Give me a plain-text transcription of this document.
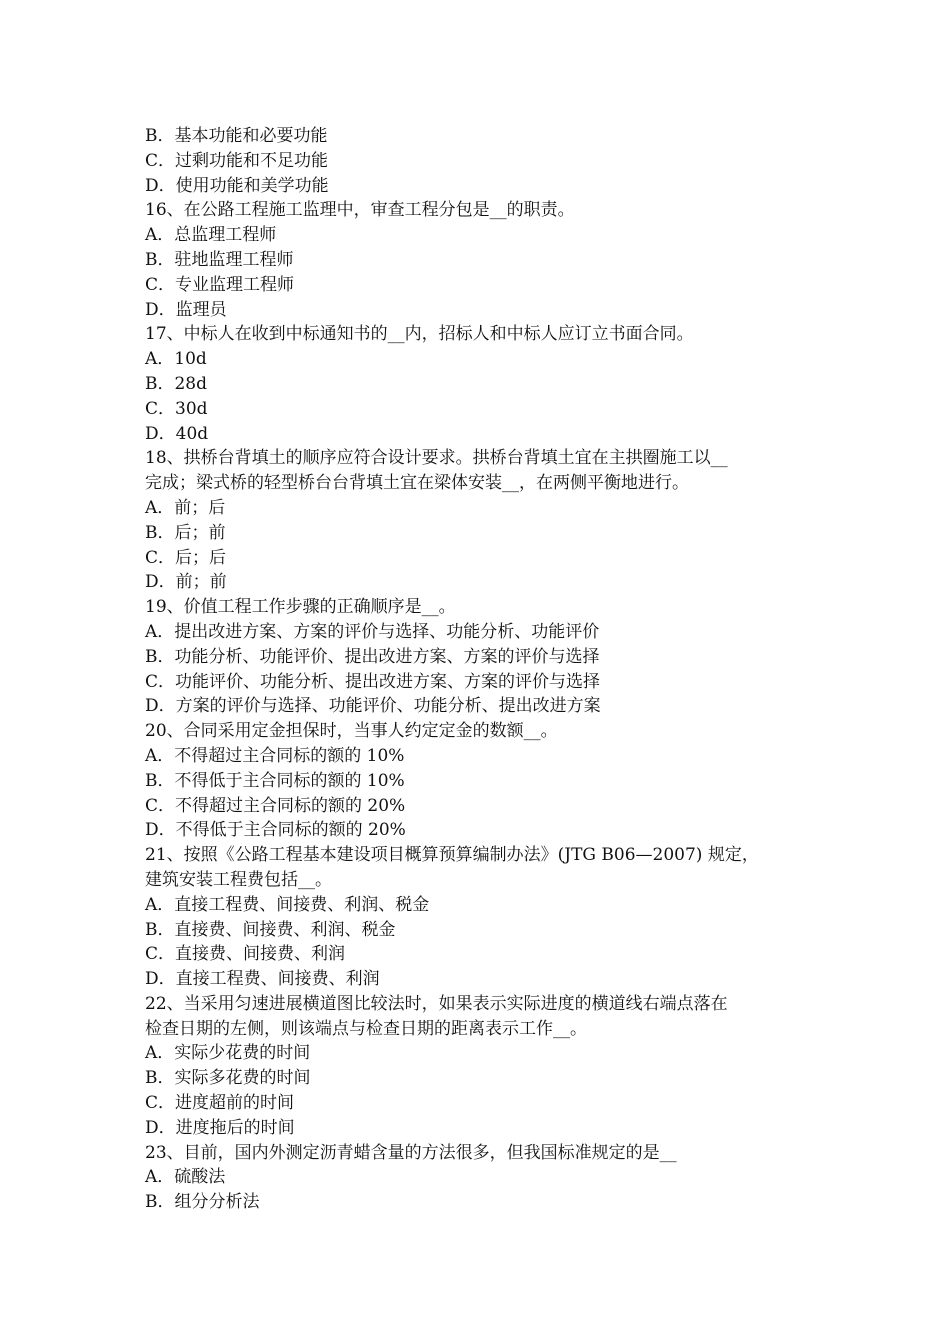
B．基本功能和必要功能

C．过剩功能和不足功能

D．使用功能和美学功能

16、在公路工程施工监理中，审查工程分包是__的职责。

A．总监理工程师

B．驻地监理工程师

C．专业监理工程师

D．监理员

17、中标人在收到中标通知书的__内，招标人和中标人应订立书面合同。

A．10d

B．28d

C．30d

D．40d

18、拱桥台背填土的顺序应符合设计要求。拱桥台背填土宜在主拱圈施工以__

完成；梁式桥的轻型桥台台背填土宜在梁体安装__，在两侧平衡地进行。

A．前；后

B．后；前

C．后；后

D．前；前

19、价值工程工作步骤的正确顺序是__。

A．提出改进方案、方案的评价与选择、功能分析、功能评价

B．功能分析、功能评价、提出改进方案、方案的评价与选择

C．功能评价、功能分析、提出改进方案、方案的评价与选择

D．方案的评价与选择、功能评价、功能分析、提出改进方案

20、合同采用定金担保时，当事人约定定金的数额__。

A．不得超过主合同标的额的 10%

B．不得低于主合同标的额的 10%

C．不得超过主合同标的额的 20%

D．不得低于主合同标的额的 20%

21、按照《公路工程基本建设项目概算预算编制办法》(JTG B06—2007) 规定，

建筑安装工程费包括__。

A．直接工程费、间接费、利润、税金

B．直接费、间接费、利润、税金

C．直接费、间接费、利润

D．直接工程费、间接费、利润

22、当采用匀速进展横道图比较法时，如果表示实际进度的横道线右端点落在

检查日期的左侧，则该端点与检查日期的距离表示工作__。

A．实际少花费的时间

B．实际多花费的时间

C．进度超前的时间

D．进度拖后的时间

23、目前，国内外测定沥青蜡含量的方法很多，但我国标准规定的是__

A．硫酸法

B．组分分析法
